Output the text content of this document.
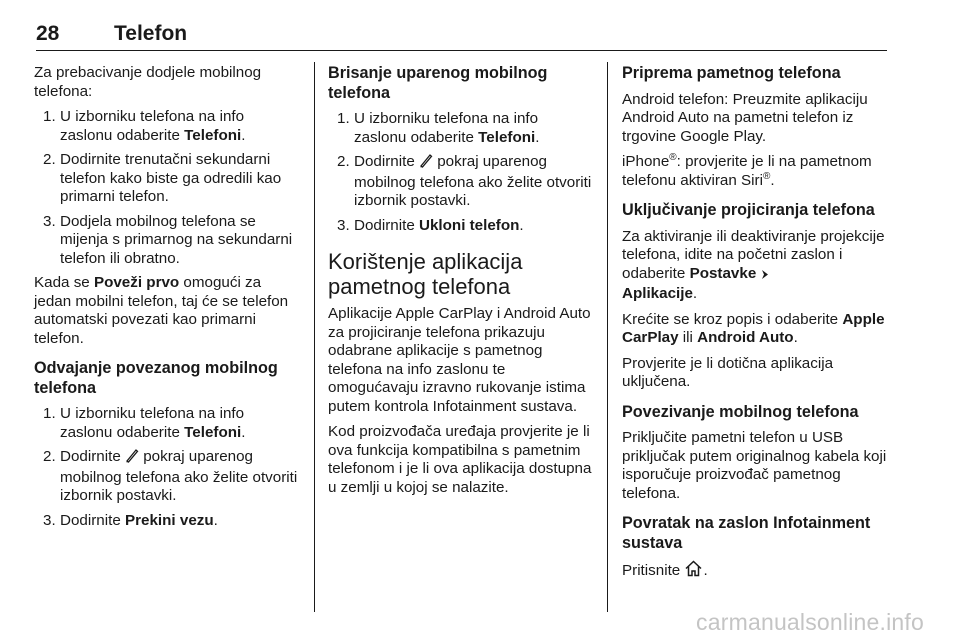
28	Telefon

Za prebacivanje dodjele mobilnog telefona:

1. U izborniku telefona na info zaslonu odaberite Telefoni.
2. Dodirnite trenutačni sekundarni telefon kako biste ga odredili kao primarni telefon.
3. Dodjela mobilnog telefona se mijenja s primarnog na sekundarni telefon ili obratno.

Kada se Poveži prvo omogući za jedan mobilni telefon, taj će se telefon automatski povezati kao primarni telefon.

Odvajanje povezanog mobilnog telefona
1. U izborniku telefona na info zaslonu odaberite Telefoni.
2. Dodirnite  pokraj uparenog mobilnog telefona ako želite otvoriti izbornik postavki.
3. Dodirnite Prekini vezu.
Brisanje uparenog mobilnog telefona
1. U izborniku telefona na info zaslonu odaberite Telefoni.
2. Dodirnite  pokraj uparenog mobilnog telefona ako želite otvoriti izbornik postavki.
3. Dodirnite Ukloni telefon.
Korištenje aplikacija pametnog telefona

Aplikacije Apple CarPlay i Android Auto za projiciranje telefona prikazuju odabrane aplikacije s pametnog telefona na info zaslonu te omogućavaju izravno rukovanje istima putem kontrola Infotainment sustava.

Kod proizvođača uređaja provjerite je li ova funkcija kompatibilna s pametnim telefonom i je li ova aplikacija dostupna u zemlji u kojoj se nalazite.

Priprema pametnog telefona

Android telefon: Preuzmite aplikaciju Android Auto na pametni telefon iz trgovine Google Play.

iPhone®: provjerite je li na pametnom telefonu aktiviran Siri®.

Uključivanje projiciranja telefona

Za aktiviranje ili deaktiviranje projekcije telefona, idite na početni zaslon i odaberite Postavke
Aplikacije.

Krećite se kroz popis i odaberite Apple CarPlay ili Android Auto.

Provjerite je li dotična aplikacija uključena.

Povezivanje mobilnog telefona

Priključite pametni telefon u USB priključak putem originalnog kabela koji isporučuje proizvođač pametnog telefona.

Povratak na zaslon Infotainment sustava

Pritisnite .

carmanualsonline.info
